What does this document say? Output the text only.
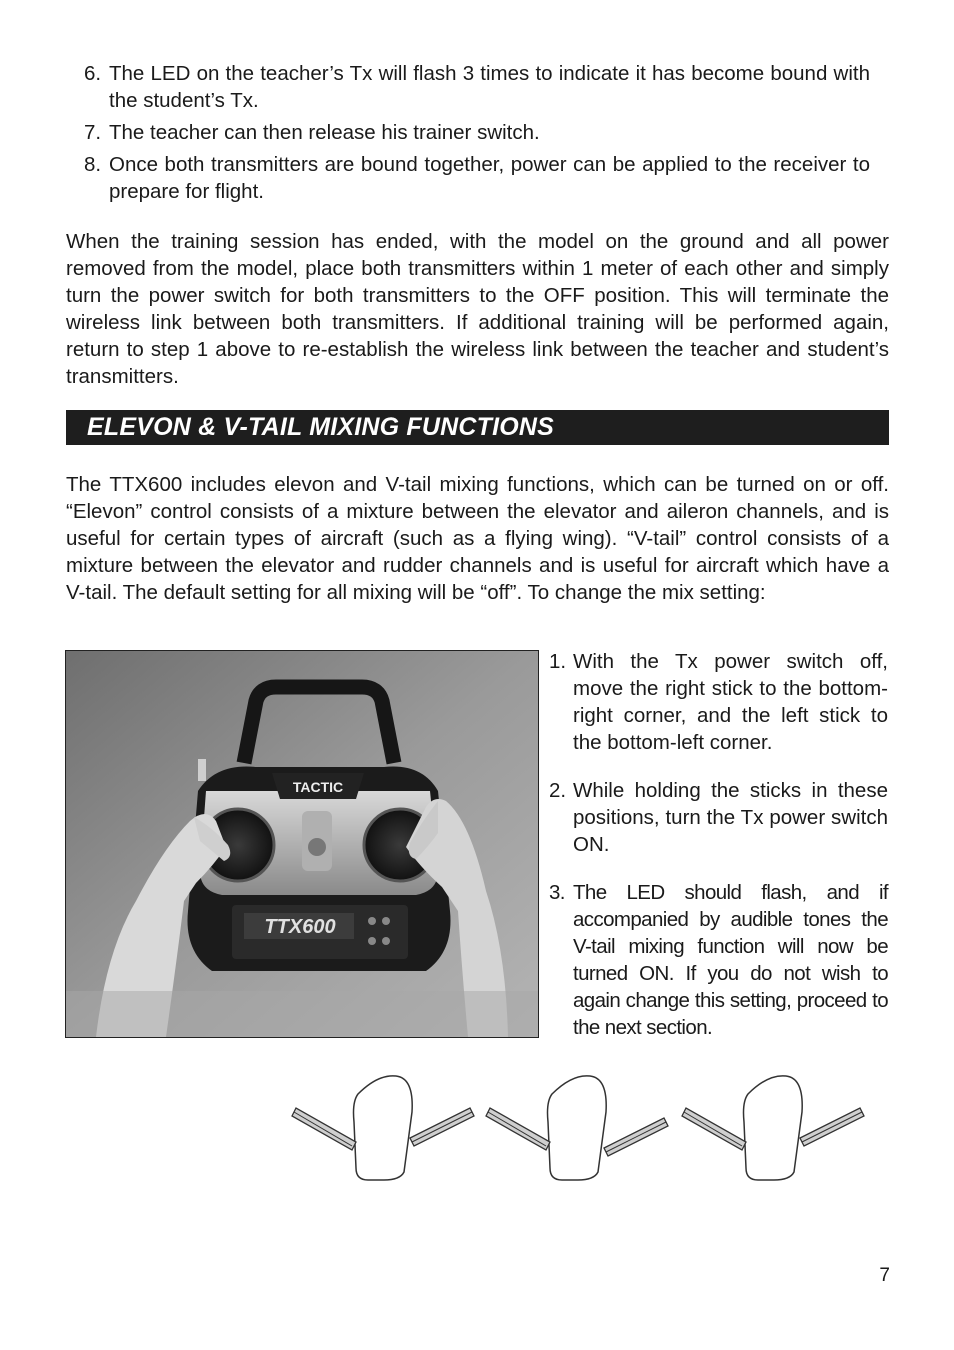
6. The LED on the teacher’s Tx will flash 3 times to indicate it has become bound with the student’s Tx.
7. The teacher can then release his trainer switch.
8. Once both transmitters are bound together, power can be applied to the receiver to prepare for flight.

When the training session has ended, with the model on the ground and all power removed from the model, place both transmitters within 1 meter of each other and simply turn the power switch for both transmitters to the OFF position. This will terminate the wireless link between both transmitters. If additional training will be performed again, return to step 1 above to re-establish the wireless link between the teacher and student’s transmitters.

ELEVON & V-TAIL MIXING FUNCTIONS

The TTX600 includes elevon and V-tail mixing functions, which can be turned on or off. “Elevon” control consists of a mixture between the elevator and aileron channels, and is useful for certain types of aircraft (such as a flying wing). “V-tail” control consists of a mixture between the elevator and rudder channels and is useful for aircraft which have a V-tail. The default setting for all mixing will be “off”. To change the mix setting:

TACTIC
TTX600
1. With the Tx power switch off, move the right stick to the bottom-right corner, and the left stick to the bottom-left corner.
2. While holding the sticks in these positions, turn the Tx power switch ON.
3. The LED should flash, and if accompanied by audible tones the V-tail mixing function will now be turned ON. If you do not wish to again change this setting, proceed to the next section.
7
